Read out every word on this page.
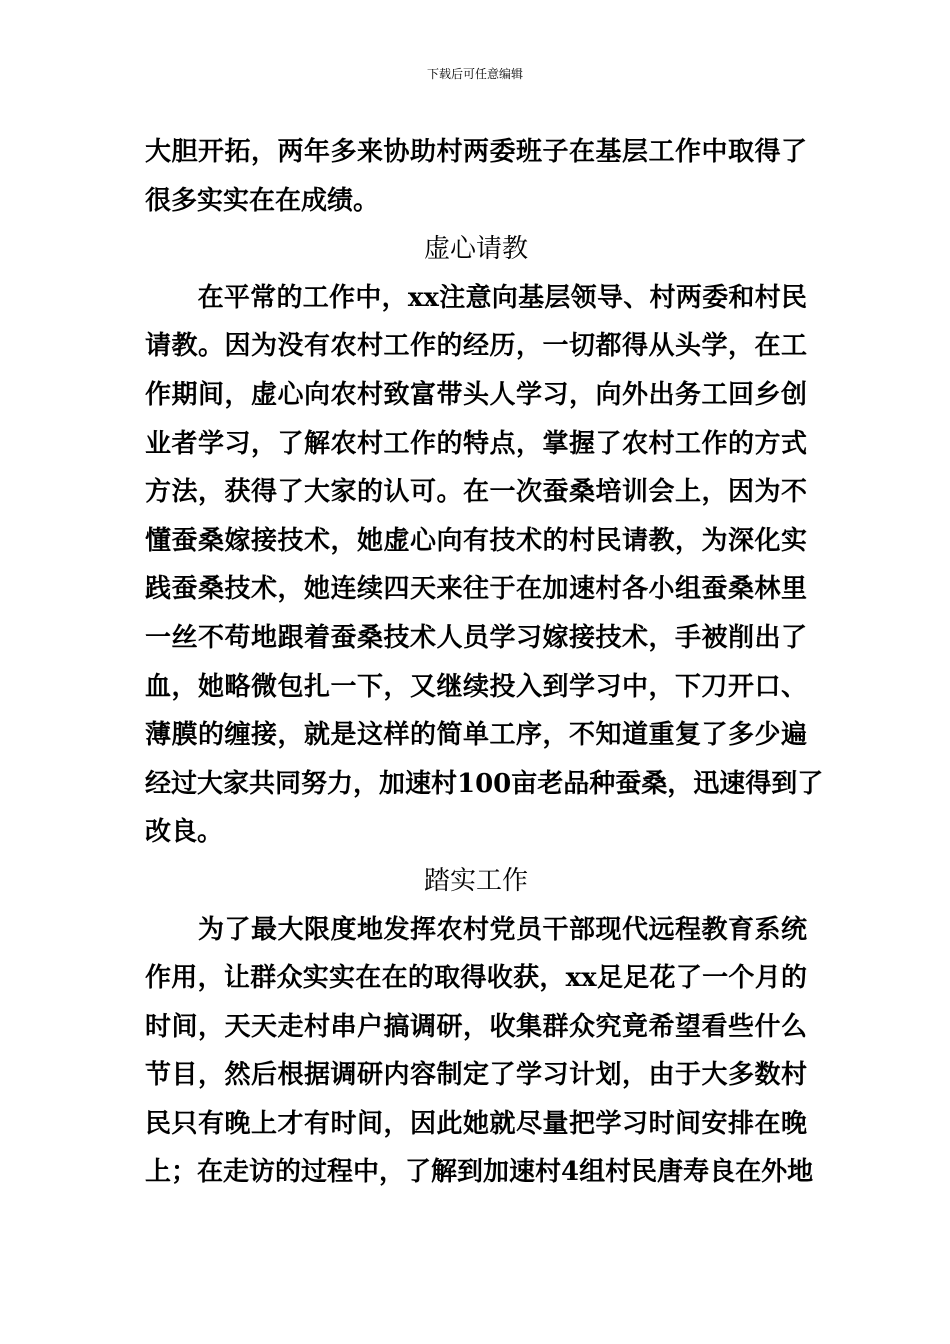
下载后可任意编辑
大胆开拓，两年多来协助村两委班子在基层工作中取得了
很多实实在在成绩。
虚心请教
　　在平常的工作中，xx注意向基层领导、村两委和村民
请教。因为没有农村工作的经历，一切都得从头学，在工
作期间，虚心向农村致富带头人学习，向外出务工回乡创
业者学习，了解农村工作的特点，掌握了农村工作的方式
方法，获得了大家的认可。在一次蚕桑培训会上，因为不
懂蚕桑嫁接技术，她虚心向有技术的村民请教，为深化实
践蚕桑技术，她连续四天来往于在加速村各小组蚕桑林里
一丝不苟地跟着蚕桑技术人员学习嫁接技术，手被削出了
血，她略微包扎一下，又继续投入到学习中，下刀开口、
薄膜的缠接，就是这样的简单工序，不知道重复了多少遍
经过大家共同努力，加速村100亩老品种蚕桑，迅速得到了
改良。
踏实工作
　　为了最大限度地发挥农村党员干部现代远程教育系统
作用，让群众实实在在的取得收获，xx足足花了一个月的
时间，天天走村串户搞调研，收集群众究竟希望看些什么
节目，然后根据调研内容制定了学习计划，由于大多数村
民只有晚上才有时间，因此她就尽量把学习时间安排在晚
上；在走访的过程中，了解到加速村4组村民唐寿良在外地
